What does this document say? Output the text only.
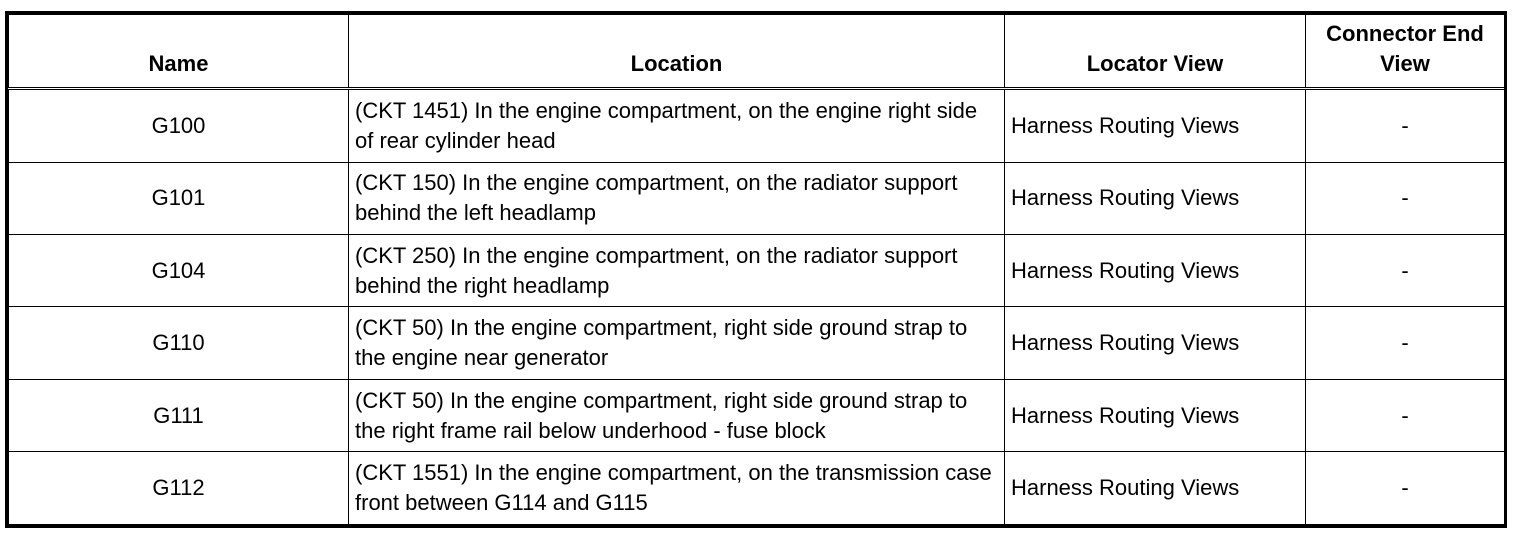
Name	Location	Locator View	Connector End View
G100	(CKT 1451) In the engine compartment, on the engine right side of rear cylinder head	Harness Routing Views	-
G101	(CKT 150) In the engine compartment, on the radiator support behind the left headlamp	Harness Routing Views	-
G104	(CKT 250) In the engine compartment, on the radiator support behind the right headlamp	Harness Routing Views	-
G110	(CKT 50) In the engine compartment, right side ground strap to the engine near generator	Harness Routing Views	-
G111	(CKT 50) In the engine compartment, right side ground strap to the right frame rail below underhood - fuse block	Harness Routing Views	-
G112	(CKT 1551) In the engine compartment, on the transmission case front between G114 and G115	Harness Routing Views	-
